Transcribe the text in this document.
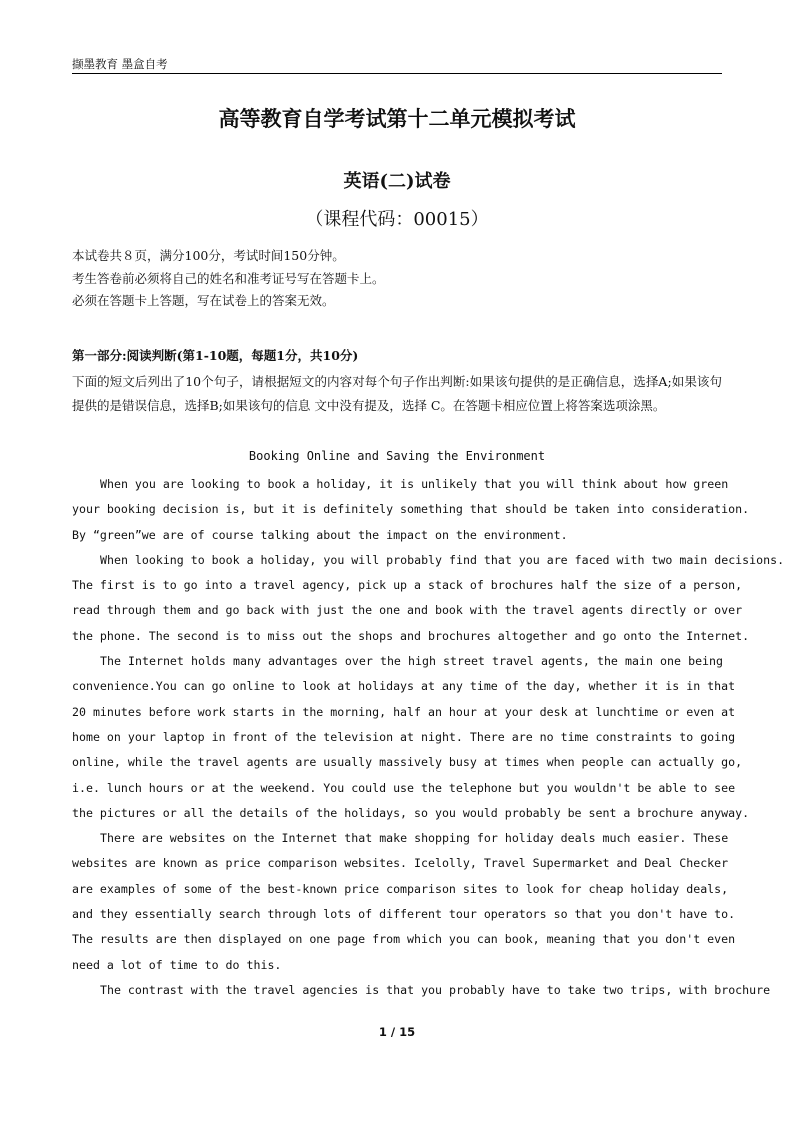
撷墨教育 墨盒自考
高等教育自学考试第十二单元模拟考试
英语(二)试卷
（课程代码：00015）
本试卷共８页，满分100分，考试时间150分钟。
考生答卷前必须将自己的姓名和准考证号写在答题卡上。
必须在答题卡上答题，写在试卷上的答案无效。
第一部分:阅读判断(第1-10题，每题1分，共10分)
下面的短文后列出了10个句子，请根据短文的内容对每个句子作出判断:如果该句提供的是正确信息，选择A;如果该句提供的是错误信息，选择B;如果该句的信息 文中没有提及，选择 C。在答题卡相应位置上将答案选项涂黑。
Booking Online and Saving the Environment
When you are looking to book a holiday, it is unlikely that you will think about how green
your booking decision is, but it is definitely something that should be taken into consideration.
By “green”we are of course talking about the impact on the environment.
When looking to book a holiday, you will probably find that you are faced with two main decisions.
The first is to go into a travel agency, pick up a stack of brochures half the size of a person,
read through them and go back with just the one and book with the travel agents directly or over
the phone. The second is to miss out the shops and brochures altogether and go onto the Internet.
The Internet holds many advantages over the high street travel agents, the main one being
convenience.You can go online to look at holidays at any time of the day, whether it is in that
20 minutes before work starts in the morning, half an hour at your desk at lunchtime or even at
home on your laptop in front of the television at night. There are no time constraints to going
online, while the travel agents are usually massively busy at times when people can actually go,
i.e. lunch hours or at the weekend. You could use the telephone but you wouldn't be able to see
the pictures or all the details of the holidays, so you would probably be sent a brochure anyway.
There are websites on the Internet that make shopping for holiday deals much easier. These
websites are known as price comparison websites. Icelolly, Travel Supermarket and Deal Checker
are examples of some of the best-known price comparison sites to look for cheap holiday deals,
and they essentially search through lots of different tour operators so that you don't have to.
The results are then displayed on one page from which you can book, meaning that you don't even
need a lot of time to do this.
The contrast with the travel agencies is that you probably have to take two trips, with brochure
1 / 15
